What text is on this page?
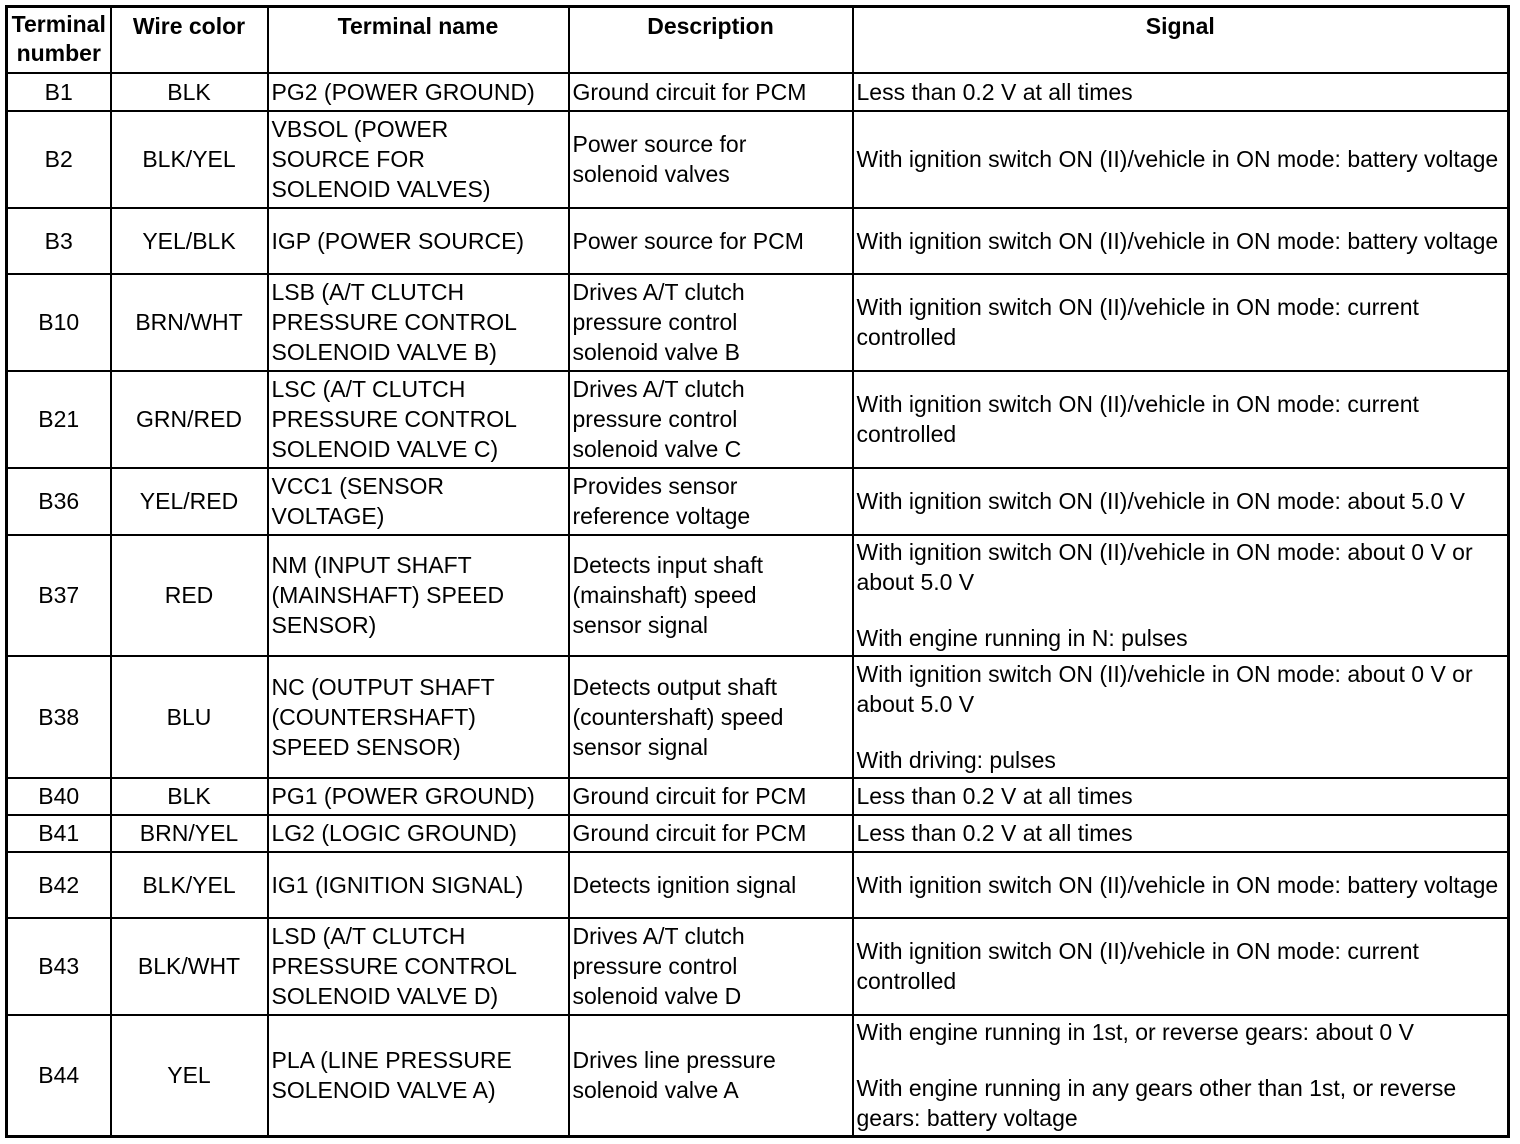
Terminal
number	Wire color	Terminal name	Description	Signal
B1	BLK	PG2 (POWER GROUND)	Ground circuit for PCM	Less than 0.2 V at all times

B2	BLK/YEL	VBSOL (POWER
SOURCE FOR
SOLENOID VALVES)	Power source for
solenoid valves	With ignition switch ON (II)/vehicle in ON mode: battery voltage

B3	YEL/BLK	IGP (POWER SOURCE)	Power source for PCM	With ignition switch ON (II)/vehicle in ON mode: battery voltage

B10	BRN/WHT	LSB (A/T CLUTCH
PRESSURE CONTROL
SOLENOID VALVE B)	Drives A/T clutch
pressure control
solenoid valve B	With ignition switch ON (II)/vehicle in ON mode: current controlled

B21	GRN/RED	LSC (A/T CLUTCH
PRESSURE CONTROL
SOLENOID VALVE C)	Drives A/T clutch
pressure control
solenoid valve C	With ignition switch ON (II)/vehicle in ON mode: current controlled

B36	YEL/RED	VCC1 (SENSOR
VOLTAGE)	Provides sensor
reference voltage	With ignition switch ON (II)/vehicle in ON mode: about 5.0 V

B37	RED	NM (INPUT SHAFT
(MAINSHAFT) SPEED
SENSOR)	Detects input shaft
(mainshaft) speed
sensor signal	With ignition switch ON (II)/vehicle in ON mode: about 0 V or about 5.0 V
With engine running in N: pulses

B38	BLU	NC (OUTPUT SHAFT
(COUNTERSHAFT)
SPEED SENSOR)	Detects output shaft
(countershaft) speed
sensor signal	With ignition switch ON (II)/vehicle in ON mode: about 0 V or about 5.0 V
With driving: pulses

B40	BLK	PG1 (POWER GROUND)	Ground circuit for PCM	Less than 0.2 V at all times

B41	BRN/YEL	LG2 (LOGIC GROUND)	Ground circuit for PCM	Less than 0.2 V at all times

B42	BLK/YEL	IG1 (IGNITION SIGNAL)	Detects ignition signal	With ignition switch ON (II)/vehicle in ON mode: battery voltage

B43	BLK/WHT	LSD (A/T CLUTCH
PRESSURE CONTROL
SOLENOID VALVE D)	Drives A/T clutch
pressure control
solenoid valve D	With ignition switch ON (II)/vehicle in ON mode: current controlled

B44	YEL	PLA (LINE PRESSURE
SOLENOID VALVE A)	Drives line pressure
solenoid valve A	With engine running in 1st, or reverse gears: about 0 V
With engine running in any gears other than 1st, or reverse gears: battery voltage
